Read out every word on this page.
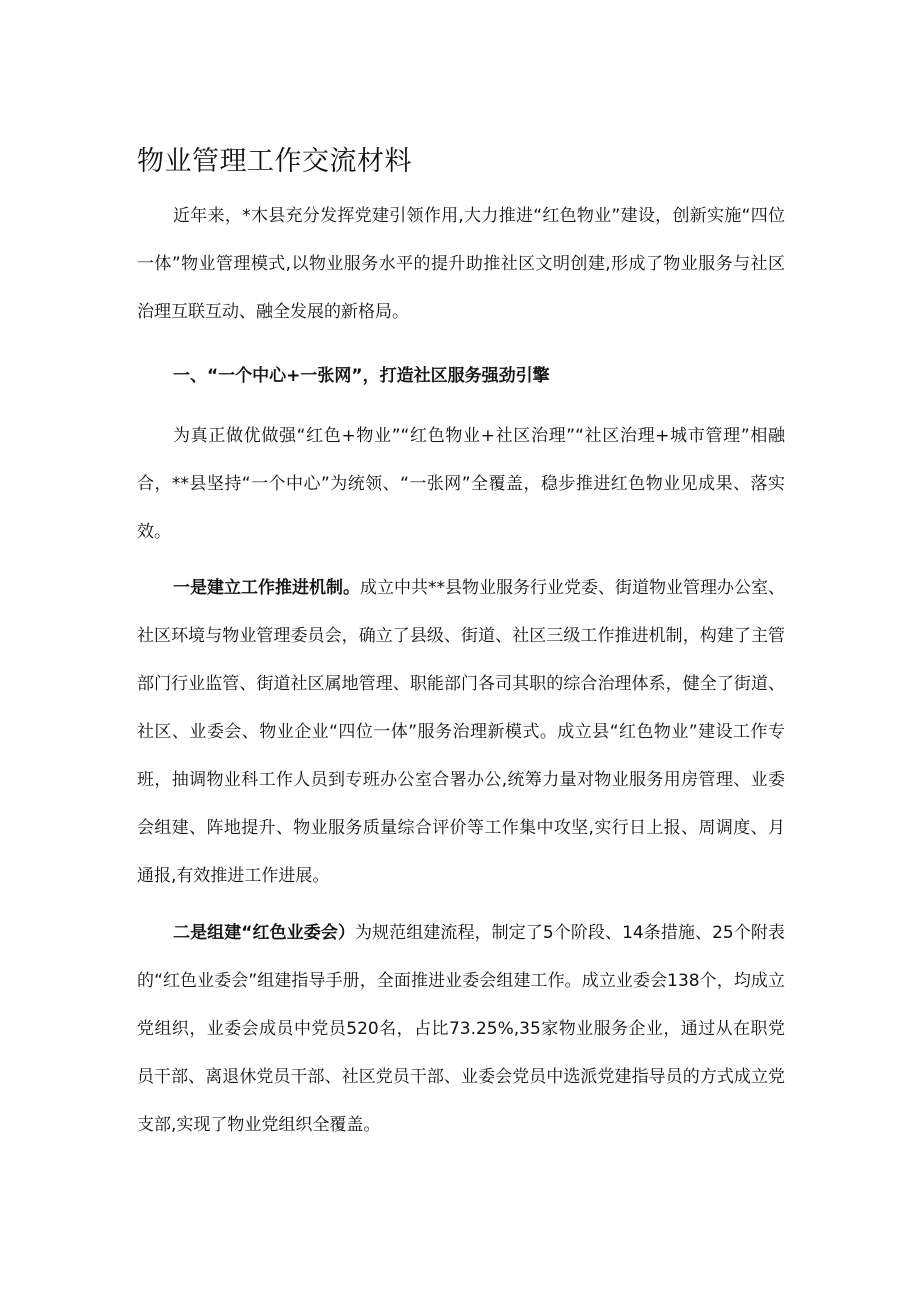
物业管理工作交流材料

近年来，*木县充分发挥党建引领作用,大力推进“红色物业”建设，创新实施“四位一体”物业管理模式,以物业服务水平的提升助推社区文明创建,形成了物业服务与社区治理互联互动、融全发展的新格局。

一、“一个中心+一张网”，打造社区服务强劲引擎

为真正做优做强“红色+物业”“红色物业+社区治理”“社区治理+城市管理”相融合，**县坚持“一个中心”为统领、“一张网”全覆盖，稳步推进红色物业见成果、落实效。

一是建立工作推进机制。成立中共**县物业服务行业党委、街道物业管理办公室、社区环境与物业管理委员会，确立了县级、街道、社区三级工作推进机制，构建了主管部门行业监管、街道社区属地管理、职能部门各司其职的综合治理体系，健全了街道、社区、业委会、物业企业“四位一体”服务治理新模式。成立县“红色物业”建设工作专班，抽调物业科工作人员到专班办公室合署办公,统筹力量对物业服务用房管理、业委会组建、阵地提升、物业服务质量综合评价等工作集中攻坚,实行日上报、周调度、月通报,有效推进工作进展。

二是组建“红色业委会）为规范组建流程，制定了5个阶段、14条措施、25个附表的“红色业委会”组建指导手册，全面推进业委会组建工作。成立业委会138个，均成立党组织，业委会成员中党员520名，占比73.25%,35家物业服务企业，通过从在职党员干部、离退休党员干部、社区党员干部、业委会党员中选派党建指导员的方式成立党支部,实现了物业党组织全覆盖。
